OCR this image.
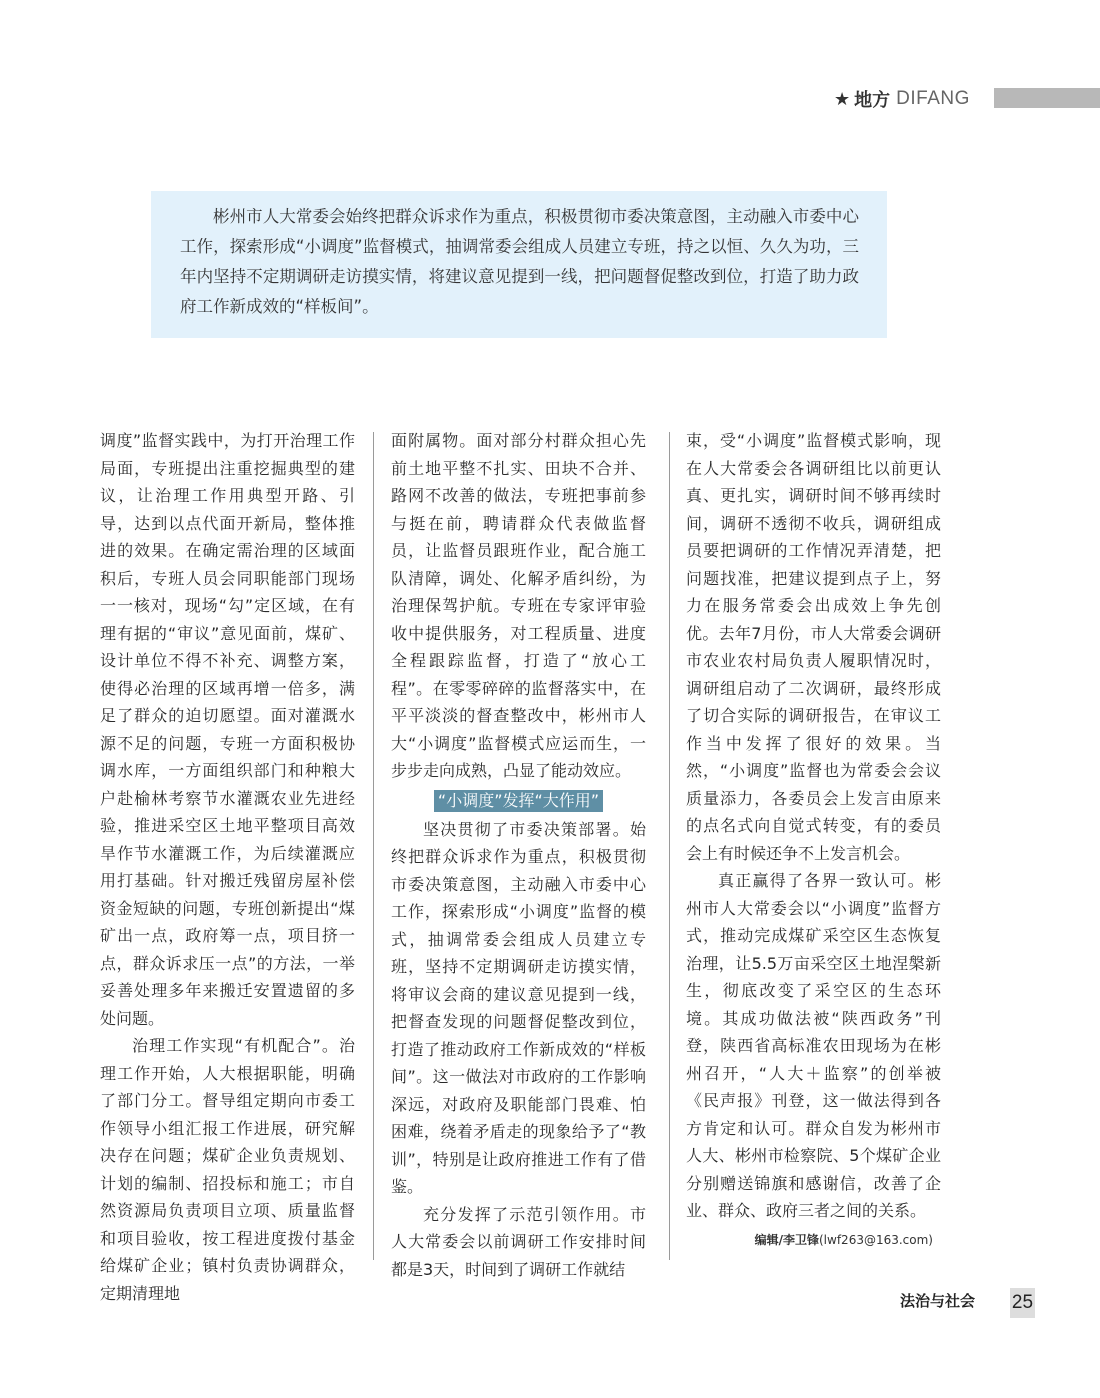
★ 地方 DIFANG

彬州市人大常委会始终把群众诉求作为重点，积极贯彻市委决策意图，主动融入市委中心工作，探索形成“小调度”监督模式，抽调常委会组成人员建立专班，持之以恒、久久为功，三年内坚持不定期调研走访摸实情，将建议意见提到一线，把问题督促整改到位，打造了助力政府工作新成效的“样板间”。

调度”监督实践中，为打开治理工作局面，专班提出注重挖掘典型的建议，让治理工作用典型开路、引导，达到以点代面开新局，整体推进的效果。在确定需治理的区域面积后，专班人员会同职能部门现场一一核对，现场“勾”定区域，在有理有据的“审议”意见面前，煤矿、设计单位不得不补充、调整方案，使得必治理的区域再增一倍多，满足了群众的迫切愿望。面对灌溉水源不足的问题，专班一方面积极协调水库，一方面组织部门和种粮大户赴榆林考察节水灌溉农业先进经验，推进采空区土地平整项目高效旱作节水灌溉工作，为后续灌溉应用打基础。针对搬迁残留房屋补偿资金短缺的问题，专班创新提出“煤矿出一点，政府筹一点，项目挤一点，群众诉求压一点”的方法，一举妥善处理多年来搬迁安置遗留的多处问题。

治理工作实现“有机配合”。治理工作开始，人大根据职能，明确了部门分工。督导组定期向市委工作领导小组汇报工作进展，研究解决存在问题；煤矿企业负责规划、计划的编制、招投标和施工；市自然资源局负责项目立项、质量监督和项目验收，按工程进度拨付基金给煤矿企业；镇村负责协调群众，定期清理地

面附属物。面对部分村群众担心先前土地平整不扎实、田块不合并、路网不改善的做法，专班把事前参与挺在前，聘请群众代表做监督员，让监督员跟班作业，配合施工队清障，调处、化解矛盾纠纷，为治理保驾护航。专班在专家评审验收中提供服务，对工程质量、进度全程跟踪监督，打造了“放心工程”。在零零碎碎的监督落实中，在平平淡淡的督查整改中，彬州市人大“小调度”监督模式应运而生，一步步走向成熟，凸显了能动效应。

“小调度”发挥“大作用”

坚决贯彻了市委决策部署。始终把群众诉求作为重点，积极贯彻市委决策意图，主动融入市委中心工作，探索形成“小调度”监督的模式，抽调常委会组成人员建立专班，坚持不定期调研走访摸实情，将审议会商的建议意见提到一线，把督查发现的问题督促整改到位，打造了推动政府工作新成效的“样板间”。这一做法对市政府的工作影响深远，对政府及职能部门畏难、怕困难，绕着矛盾走的现象给予了“教训”，特别是让政府推进工作有了借鉴。

充分发挥了示范引领作用。市人大常委会以前调研工作安排时间都是3天，时间到了调研工作就结

束，受“小调度”监督模式影响，现在人大常委会各调研组比以前更认真、更扎实，调研时间不够再续时间，调研不透彻不收兵，调研组成员要把调研的工作情况弄清楚，把问题找准，把建议提到点子上，努力在服务常委会出成效上争先创优。去年7月份，市人大常委会调研市农业农村局负责人履职情况时，调研组启动了二次调研，最终形成了切合实际的调研报告，在审议工作当中发挥了很好的效果。当然，“小调度”监督也为常委会会议质量添力，各委员会上发言由原来的点名式向自觉式转变，有的委员会上有时候还争不上发言机会。

真正赢得了各界一致认可。彬州市人大常委会以“小调度”监督方式，推动完成煤矿采空区生态恢复治理，让5.5万亩采空区土地涅槃新生，彻底改变了采空区的生态环境。其成功做法被“陕西政务”刊登，陕西省高标准农田现场为在彬州召开，“人大＋监察”的创举被《民声报》刊登，这一做法得到各方肯定和认可。群众自发为彬州市人大、彬州市检察院、5个煤矿企业分别赠送锦旗和感谢信，改善了企业、群众、政府三者之间的关系。

编辑/李卫锋(lwf263@163.com)
法治与社会 25
